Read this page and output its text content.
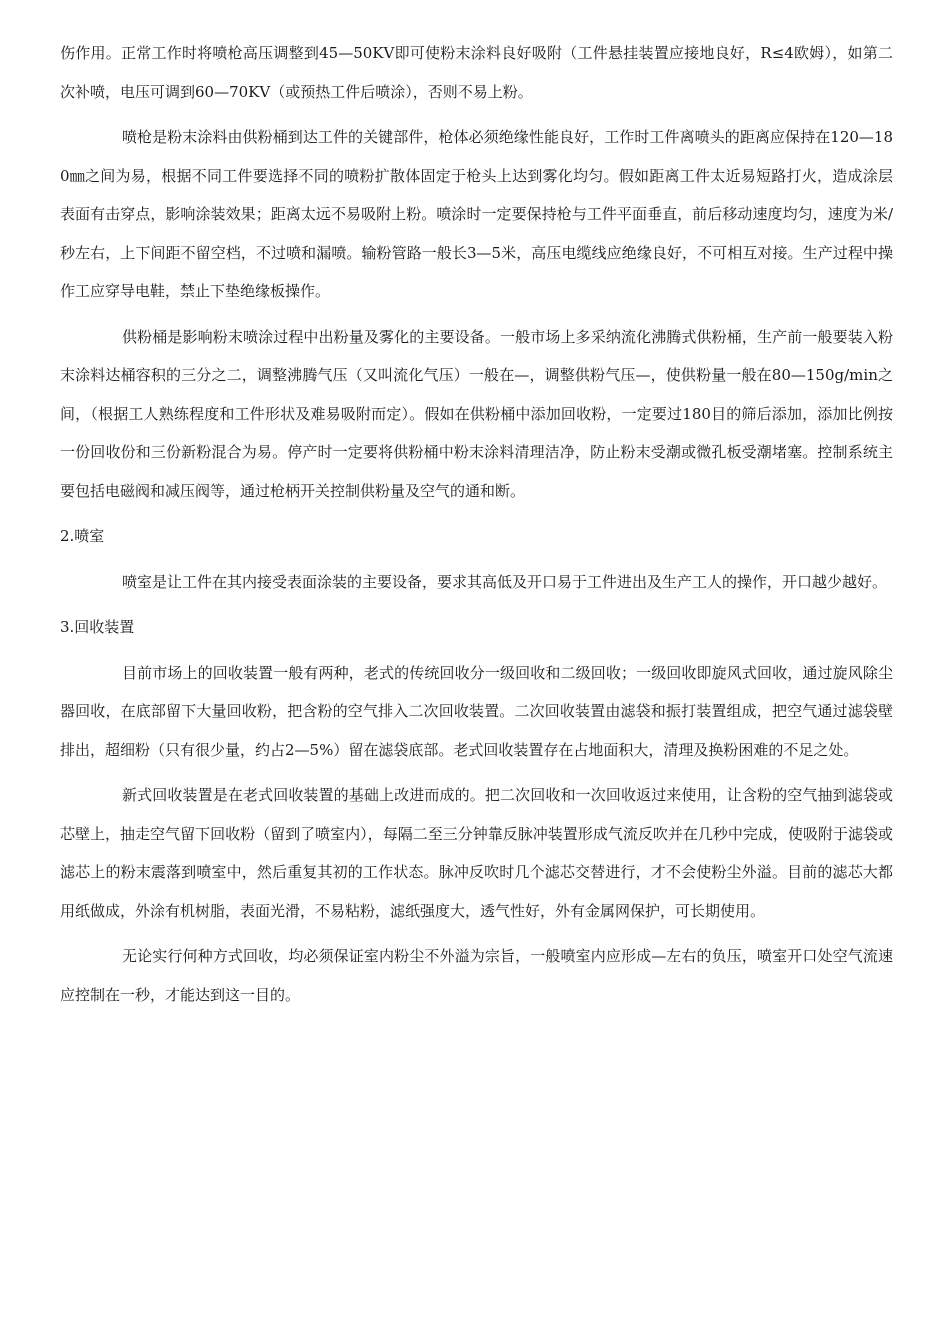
伤作用。正常工作时将喷枪高压调整到45—50KV即可使粉末涂料良好吸附（工件悬挂装置应接地良好，R≤4欧姆），如第二次补喷，电压可调到60—70KV（或预热工件后喷涂），否则不易上粉。

喷枪是粉末涂料由供粉桶到达工件的关键部件，枪体必须绝缘性能良好，工作时工件离喷头的距离应保持在120—180㎜之间为易，根据不同工件要选择不同的喷粉扩散体固定于枪头上达到雾化均匀。假如距离工件太近易短路打火，造成涂层表面有击穿点，影响涂装效果；距离太远不易吸附上粉。喷涂时一定要保持枪与工件平面垂直，前后移动速度均匀，速度为米/秒左右，上下间距不留空档，不过喷和漏喷。输粉管路一般长3—5米，高压电缆线应绝缘良好，不可相互对接。生产过程中操作工应穿导电鞋，禁止下垫绝缘板操作。

供粉桶是影响粉末喷涂过程中出粉量及雾化的主要设备。一般市场上多采纳流化沸腾式供粉桶，生产前一般要装入粉末涂料达桶容积的三分之二，调整沸腾气压（又叫流化气压）一般在—，调整供粉气压—，使供粉量一般在80—150g/min之间，（根据工人熟练程度和工件形状及难易吸附而定）。假如在供粉桶中添加回收粉，一定要过180目的筛后添加，添加比例按一份回收份和三份新粉混合为易。停产时一定要将供粉桶中粉末涂料清理洁净，防止粉末受潮或微孔板受潮堵塞。控制系统主要包括电磁阀和减压阀等，通过枪柄开关控制供粉量及空气的通和断。

2.喷室

喷室是让工件在其内接受表面涂装的主要设备，要求其高低及开口易于工件进出及生产工人的操作，开口越少越好。

3.回收装置

目前市场上的回收装置一般有两种，老式的传统回收分一级回收和二级回收；一级回收即旋风式回收，通过旋风除尘器回收，在底部留下大量回收粉，把含粉的空气排入二次回收装置。二次回收装置由滤袋和振打装置组成，把空气通过滤袋壁排出，超细粉（只有很少量，约占2—5%）留在滤袋底部。老式回收装置存在占地面积大，清理及换粉困难的不足之处。

新式回收装置是在老式回收装置的基础上改进而成的。把二次回收和一次回收返过来使用，让含粉的空气抽到滤袋或芯壁上，抽走空气留下回收粉（留到了喷室内），每隔二至三分钟靠反脉冲装置形成气流反吹并在几秒中完成，使吸附于滤袋或滤芯上的粉末震落到喷室中，然后重复其初的工作状态。脉冲反吹时几个滤芯交替进行，才不会使粉尘外溢。目前的滤芯大都用纸做成，外涂有机树脂，表面光滑，不易粘粉，滤纸强度大，透气性好，外有金属网保护，可长期使用。

无论实行何种方式回收，均必须保证室内粉尘不外溢为宗旨，一般喷室内应形成—左右的负压，喷室开口处空气流速应控制在一秒，才能达到这一目的。
